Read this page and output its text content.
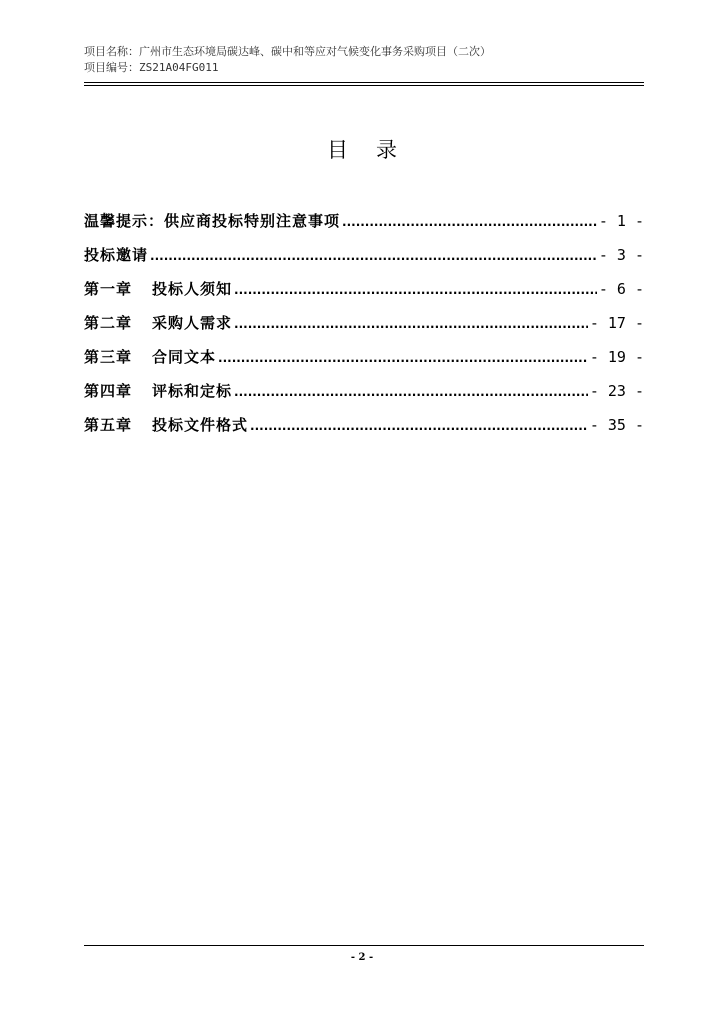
项目名称：广州市生态环境局碳达峰、碳中和等应对气候变化事务采购项目（二次）
项目编号：ZS21A04FG011
目录
温馨提示：供应商投标特别注意事项 .....	- 1 -
投标邀请 .....	- 3 -
第一章	投标人须知 .....	- 6 -
第二章	采购人需求 .....	- 17 -
第三章	合同文本 .....	- 19 -
第四章	评标和定标 .....	- 23 -
第五章	投标文件格式 .....	- 35 -
- 2 -
